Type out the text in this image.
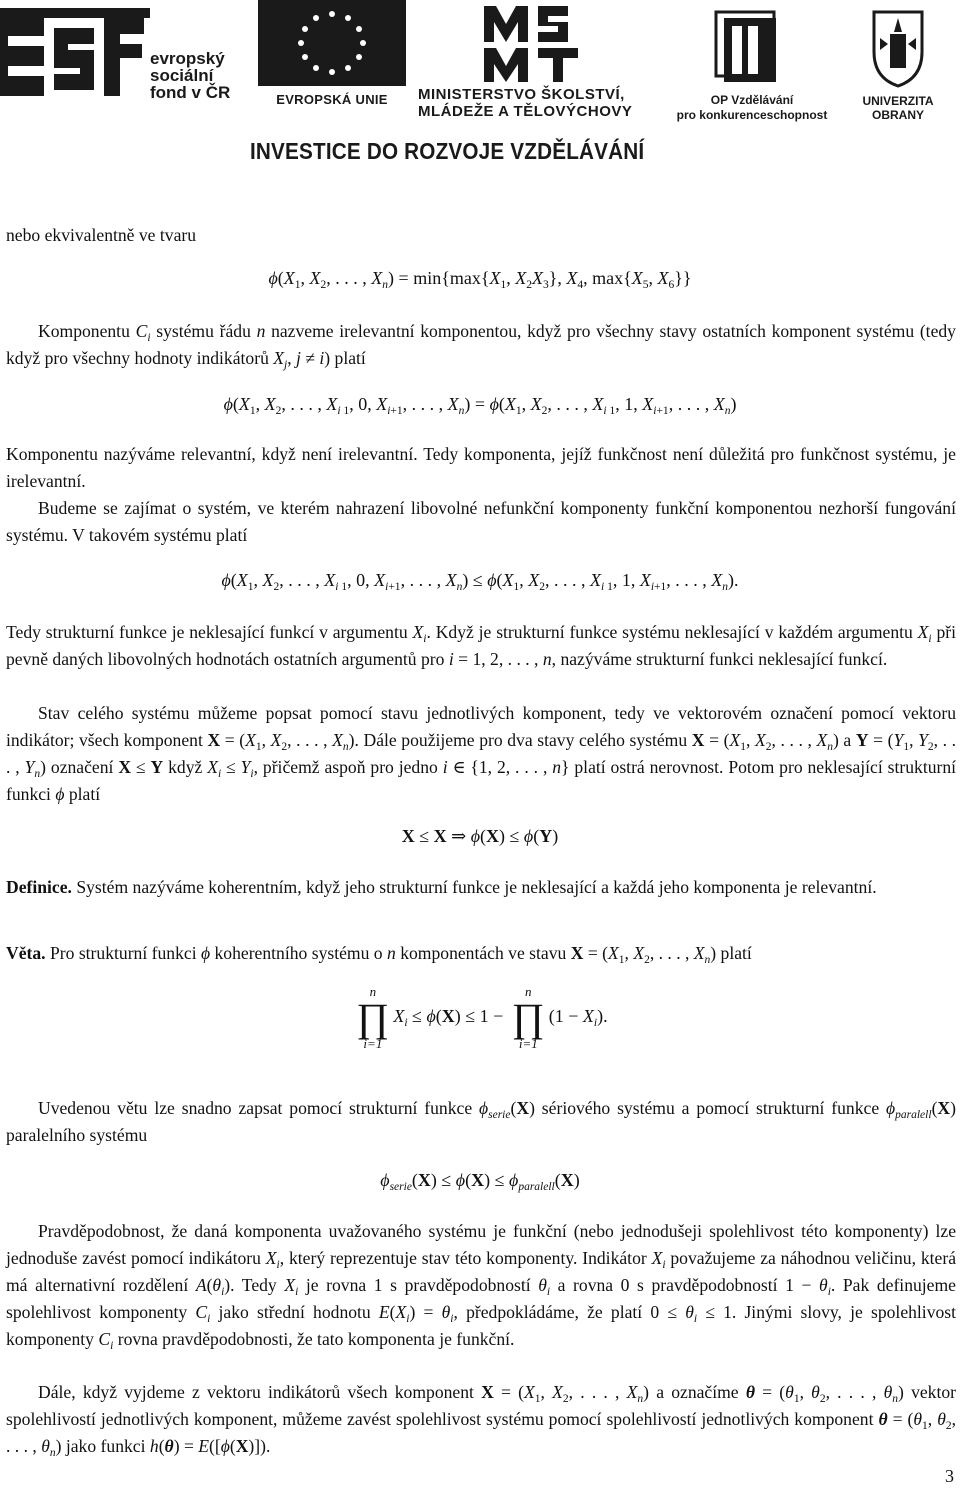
evropský
sociální
fond v ČR	EVROPSKÁ UNIE	MINISTERSTVO ŠKOLSTVÍ,
MLÁDEŽE A TĚLOVÝCHOVY
OP Vzdělávání
pro konkurenceschopnost
UNIVERZITA
OBRANY
INVESTICE DO ROZVOJE VZDĚLÁVÁNÍ
nebo ekvivalentně ve tvaru
$\phi(X_1$, $X_2$, . . . , $X_n) = \min\{\max\{X_1$, $X_2X_3$}, $X_4$, $\max\{X_5$, $X_6$}}
Komponentu $C_i$ systému řádu n nazveme irelevantní komponentou, když pro všechny stavy ostatních komponent systému (tedy když pro všechny hodnoty indikátorů $X_j$, j ≠ i) platí
$\phi(X_1$, $X_2$, . . . , $X_{i 1}$, 0, $X_{i+1}$, . . . , $X_n) = \phi(X_1$, $X_2$, . . . , $X_{i 1}$, 1, $X_{i+1}$, . . . , $X_n$)
Komponentu nazýváme relevantní, když není irelevantní. Tedy komponenta, jejíž funkčnost není důležitá pro funkčnost systému, je irelevantní.
Budeme se zajímat o systém, ve kterém nahrazení libovolné nefunkční komponenty funkční komponentou nezhorší fungování systému. V takovém systému platí
$\phi(X_1$, $X_2$, . . . , $X_{i 1}$, 0, $X_{i+1}$, . . . , $X_n) \le \phi(X_1$, $X_2$, . . . , $X_{i 1}$, 1, $X_{i+1}$, . . . , $X_n$).
Tedy strukturní funkce je neklesající funkcí v argumentu $X_i$. Když je strukturní funkce systému neklesající v každém argumentu $X_i$ při pevně daných libovolných hodnotách ostatních argumentů pro i = 1, 2, . . . , n, nazýváme strukturní funkci neklesající funkcí.
Stav celého systému můžeme popsat pomocí stavu jednotlivých komponent, tedy ve vektorovém označení pomocí vektoru indikátor; všech komponent $X = (X_1$, $X_2$, . . . , $X_n$). Dále použijeme pro dva stavy celého systému $X = (X_1$, $X_2$, . . . , $X_n$) a $Y = (Y_1$, $Y_2$, . . . , $Y_n$) označení X ≤ Y když $X_i \le Y_i$, přičemž aspoň pro jedno i ∈ {1, 2, . . . , n} platí ostrá nerovnost. Potom pro neklesající strukturní funkci ϕ platí
X ≤ X ⇒ ϕ(X) ≤ ϕ(Y)
Definice. Systém nazýváme koherentním, když jeho strukturní funkce je neklesající a každá jeho komponenta je relevantní.
Věta. Pro strukturní funkci ϕ koherentního systému o n komponentách ve stavu $X = (X_1$, $X_2$, . . . , $X_n$) platí
n
∏
i=1
$X_i \le \phi(X) \le 1$ −
n
∏
i=1
$(1 - X_i)$.
Uvedenou větu lze snadno zapsat pomocí strukturní funkce $\phi_{serie}(X)$ sériového systému a pomocí strukturní funkce $\phi_{paralell}(X)$ paralelního systému
$\phi_{serie}(X) \le \phi(X) \le \phi_{paralell}(X)$
Pravděpodobnost, že daná komponenta uvažovaného systému je funkční (nebo jednodušeji spolehlivost této komponenty) lze jednoduše zavést pomocí indikátoru $X_i$, který reprezentuje stav této komponenty. Indikátor $X_i$ považujeme za náhodnou veličinu, která má alternativní rozdělení $A(\theta_i)$. Tedy $X_i$ je rovna 1 s pravděpodobností $\theta_i$ a rovna 0 s pravděpodobností $1 - \theta_i$. Pak definujeme spolehlivost komponenty $C_i$ jako střední hodnotu $E(X_i) = \theta_i$, předpokládáme, že platí $0 \le \theta_i \le 1$. Jinými slovy, je spolehlivost komponenty $C_i$ rovna pravděpodobnosti, že tato komponenta je funkční.
Dále, když vyjdeme z vektoru indikátorů všech komponent $X = (X_1$, $X_2$, . . . , $X_n$) a označíme $\theta = (\theta_1$, $\theta_2$, . . . , $\theta_n$) vektor spolehlivostí jednotlivých komponent, můžeme zavést spolehlivost systému pomocí spolehlivostí jednotlivých komponent $\theta = (\theta_1$, $\theta_2$, . . . , $\theta_n$) jako funkci h(θ) = E([ϕ(X)]).
3
